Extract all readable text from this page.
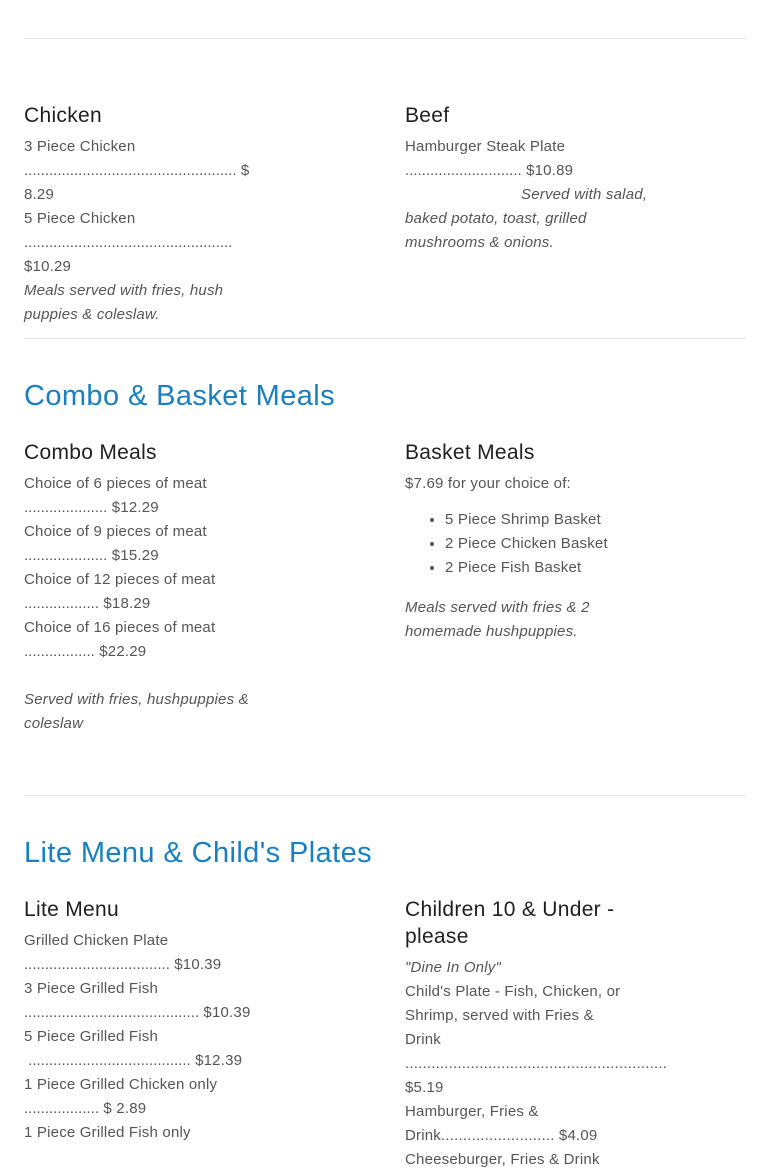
Chicken

3 Piece Chicken
................................................... $ 8.29

5 Piece Chicken
.................................................. $10.29

Meals served with fries, hush puppies & coleslaw.

Beef

Hamburger Steak Plate
............................ $10.89

Served with salad, baked potato, toast, grilled mushrooms & onions.

Combo & Basket Meals
Combo Meals

Choice of 6 pieces of meat
.................... $12.29

Choice of 9 pieces of meat
.................... $15.29

Choice of 12 pieces of meat
.................. $18.29

Choice of 16 pieces of meat
................. $22.29

Served with fries, hushpuppies & coleslaw

Basket Meals

$7.69 for your choice of:

• 5 Piece Shrimp Basket
• 2 Piece Chicken Basket
• 2 Piece Fish Basket

Meals served with fries & 2 homemade hushpuppies.

Lite Menu & Child's Plates
Lite Menu

Grilled Chicken Plate
................................... $10.39

3 Piece Grilled Fish
.......................................... $10.39

5 Piece Grilled Fish
....................................... $12.39

1 Piece Grilled Chicken only
.................. $ 2.89

1 Piece Grilled Fish only

Children 10 & Under - please

"Dine In Only"

Child's Plate - Fish, Chicken, or Shrimp, served with Fries & Drink ............................................................ $5.19

Hamburger, Fries & Drink.......................... $4.09

Cheeseburger, Fries & Drink
